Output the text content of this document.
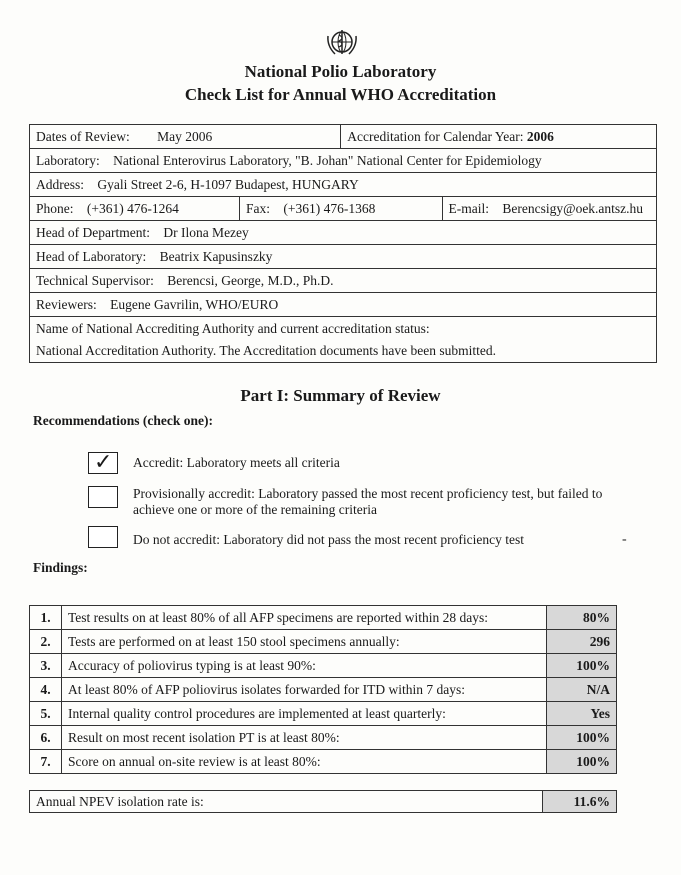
National Polio Laboratory
Check List for Annual WHO Accreditation
Dates of Review: May 2006		Accreditation for Calendar Year: 2006	
Laboratory: National Enterovirus Laboratory, "B. Johan" National Center for Epidemiology			
Address: Gyali Street 2-6, H-1097 Budapest, HUNGARY			
Phone: (+361) 476-1264	Fax: (+361) 476-1368		E-mail: Berencsigy@oek.antsz.hu
Head of Department: Dr Ilona Mezey			
Head of Laboratory: Beatrix Kapusinszky			
Technical Supervisor: Berencsi, George, M.D., Ph.D.			
Reviewers: Eugene Gavrilin, WHO/EURO			

Name of National Accrediting Authority and current accreditation status:
National Accreditation Authority. The Accreditation documents have been submitted.			
Part I: Summary of Review
Recommendations (check one):
✓ Accredit: Laboratory meets all criteria
Provisionally accredit: Laboratory passed the most recent proficiency test, but failed to achieve one or more of the remaining criteria
Do not accredit: Laboratory did not pass the most recent proficiency test	-
Findings:
1.	Test results on at least 80% of all AFP specimens are reported within 28 days:	80%
2.	Tests are performed on at least 150 stool specimens annually:	296
3.	Accuracy of poliovirus typing is at least 90%:	100%
4.	At least 80% of AFP poliovirus isolates forwarded for ITD within 7 days:	N/A
5.	Internal quality control procedures are implemented at least quarterly:	Yes
6.	Result on most recent isolation PT is at least 80%:	100%
7.	Score on annual on-site review is at least 80%:	100%
Annual NPEV isolation rate is:	11.6%
